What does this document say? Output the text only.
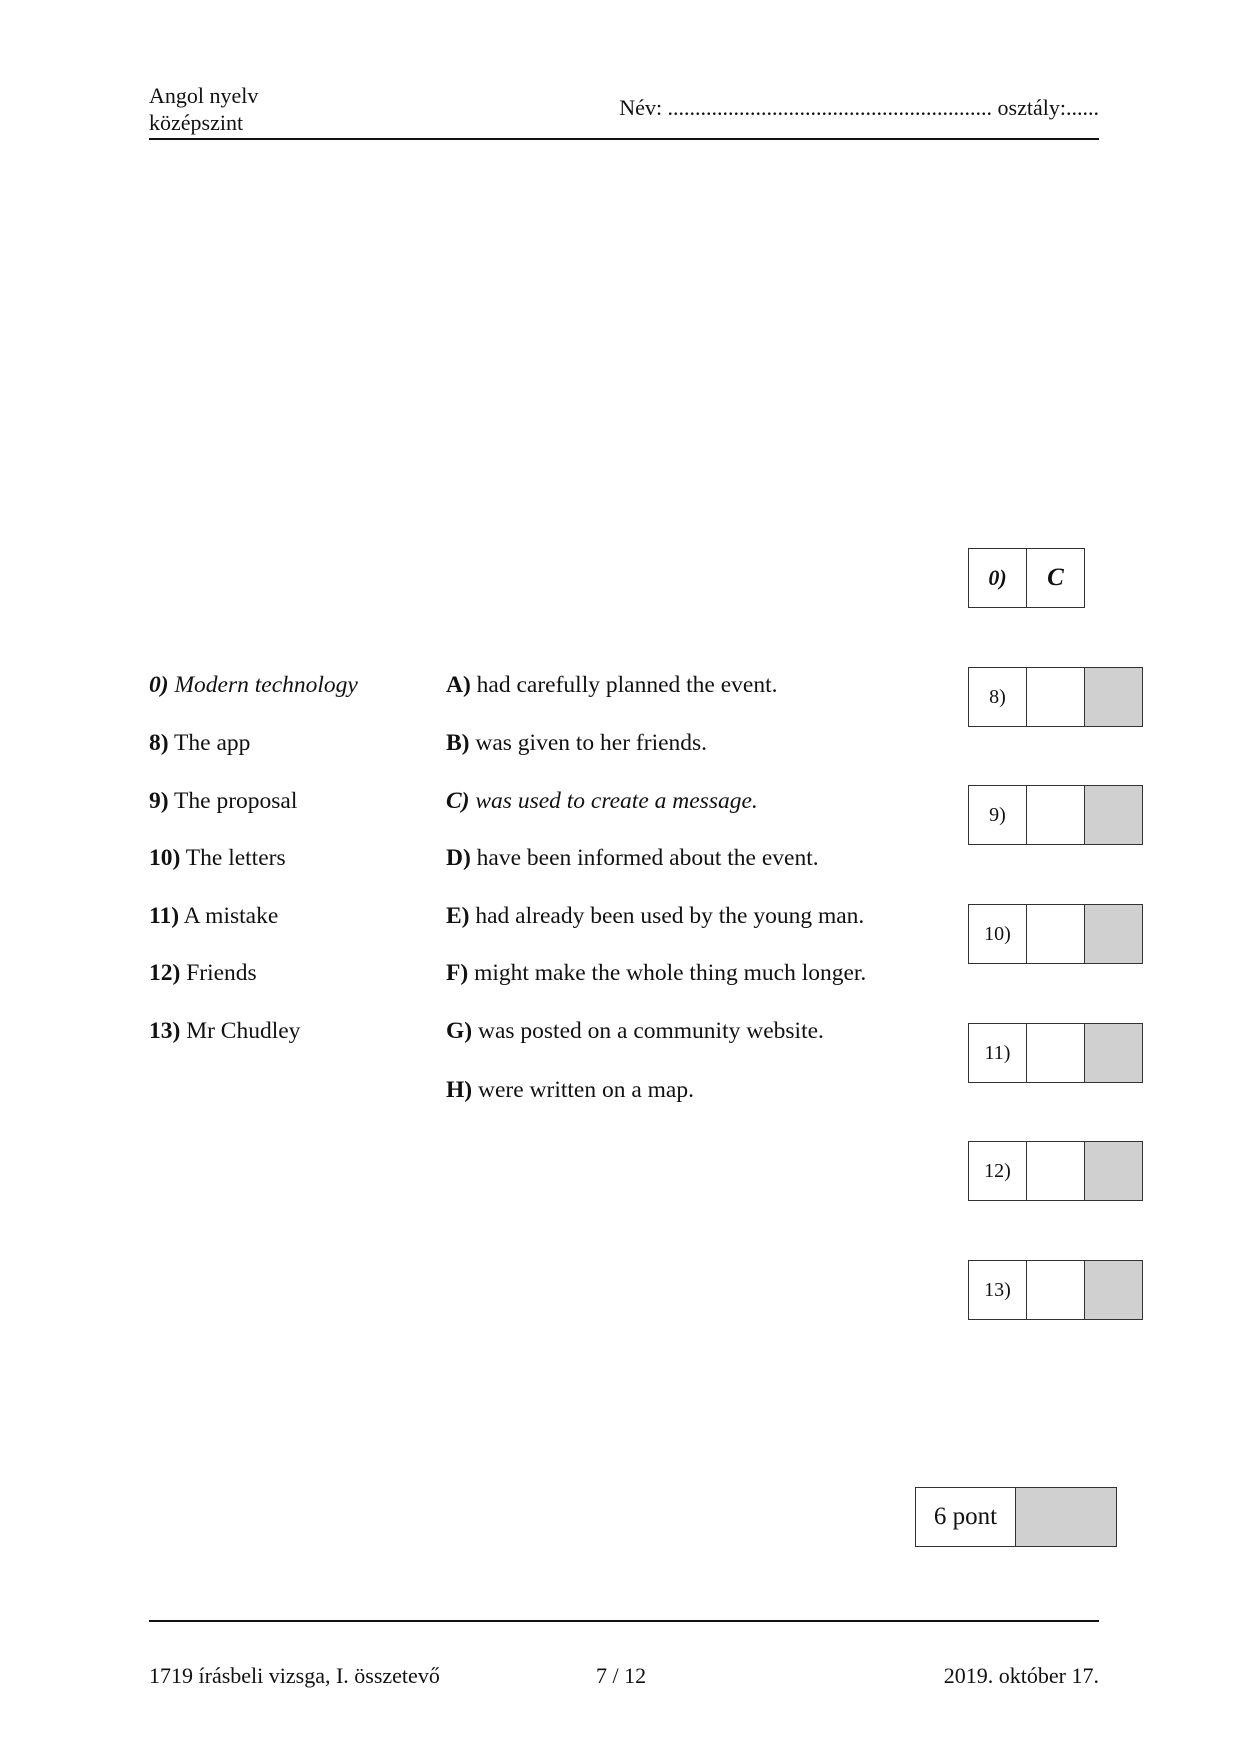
Angol nyelv
középszint
Név: ........................................................... osztály:......
0)	C
0) Modern technology
8) The app
9) The proposal
10) The letters
11) A mistake
12) Friends
13) Mr Chudley
A) had carefully planned the event.
B) was given to her friends.
C) was used to create a message.
D) have been informed about the event.
E) had already been used by the young man.
F) might make the whole thing much longer.
G) was posted on a community website.
H) were written on a map.
8)
9)
10)
11)
12)
13)
6 pont
1719 írásbeli vizsga, I. összetevő	7 / 12	2019. október 17.
